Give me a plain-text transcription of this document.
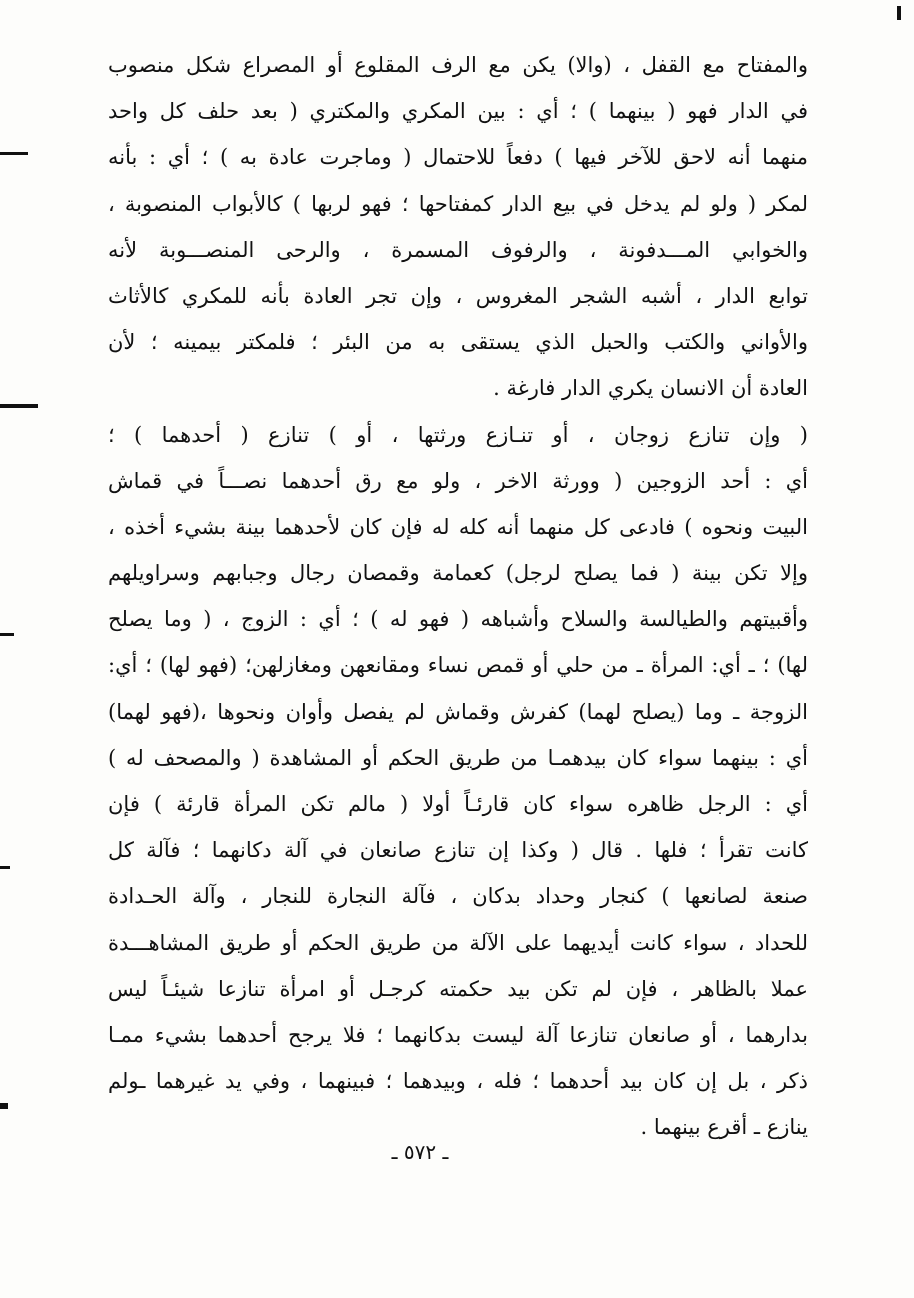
والمفتاح مع القفل ، (والا) يكن مع الرف المقلوع أو المصراع شكل منصوب
في الدار فهو ( بينهما ) ؛ أي : بين المكري والمكتري ( بعد حلف كل واحد
منهما أنه لاحق للآخر فيها ) دفعاً للاحتمال ( وماجرت عادة به ) ؛ أي : بأنه
لمكر ( ولو لم يدخل في بيع الدار كمفتاحها ؛ فهو لربها ) كالأبواب المنصوبة ،
والخوابي المـــدفونة ، والرفوف المسمرة ، والرحى المنصـــوبة لأنه
توابع الدار ، أشبه الشجر المغروس ، وإن تجر العادة بأنه للمكري كالأثاث
والأواني والكتب والحبل الذي يستقى به من البئر ؛ فلمكتر بيمينه ؛ لأن
العادة أن الانسان يكري الدار فارغة .
( وإن تنازع زوجان ، أو تنـازع ورثتها ، أو ) تنازع ( أحدهما ) ؛
أي : أحد الزوجين ( وورثة الاخر ، ولو مع رق أحدهما نصـــاً في قماش
البيت ونحوه ) فادعى كل منهما أنه كله له فإن كان لأحدهما بينة بشيء أخذه ،
وإلا تكن بينة ( فما يصلح لرجل) كعمامة وقمصان رجال وجبابهم وسراويلهم
وأقبيتهم والطيالسة والسلاح وأشباهه ( فهو له ) ؛ أي : الزوج ، ( وما يصلح
لها) ؛ ـ أي: المرأة ـ من حلي أو قمص نساء ومقانعهن ومغازلهن؛ (فهو لها) ؛ أي:
الزوجة ـ وما (يصلح لهما) كفرش وقماش لم يفصل وأوان ونحوها ،(فهو لهما)
أي : بينهما سواء كان بيدهمـا من طريق الحكم أو المشاهدة ( والمصحف له )
أي : الرجل ظاهره سواء كان قارئـاً أولا ( مالم تكن المرأة قارئة ) فإن
كانت تقرأ ؛ فلها . قال ( وكذا إن تنازع صانعان في آلة دكانهما ؛ فآلة كل
صنعة لصانعها ) كنجار وحداد بدكان ، فآلة النجارة للنجار ، وآلة الحـدادة
للحداد ، سواء كانت أيديهما على الآلة من طريق الحكم أو طريق المشاهـــدة
عملا بالظاهر ، فإن لم تكن بيد حكمته كرجـل أو امرأة تنازعا شيئـاً ليس
بدارهما ، أو صانعان تنازعا آلة ليست بدكانهما ؛ فلا يرجح أحدهما بشيء ممـا
ذكر ، بل إن كان بيد أحدهما ؛ فله ، وبيدهما ؛ فبينهما ، وفي يد غيرهما ـولم
ينازع ـ أقرع بينهما .
ـ ٥٧٢ ـ
